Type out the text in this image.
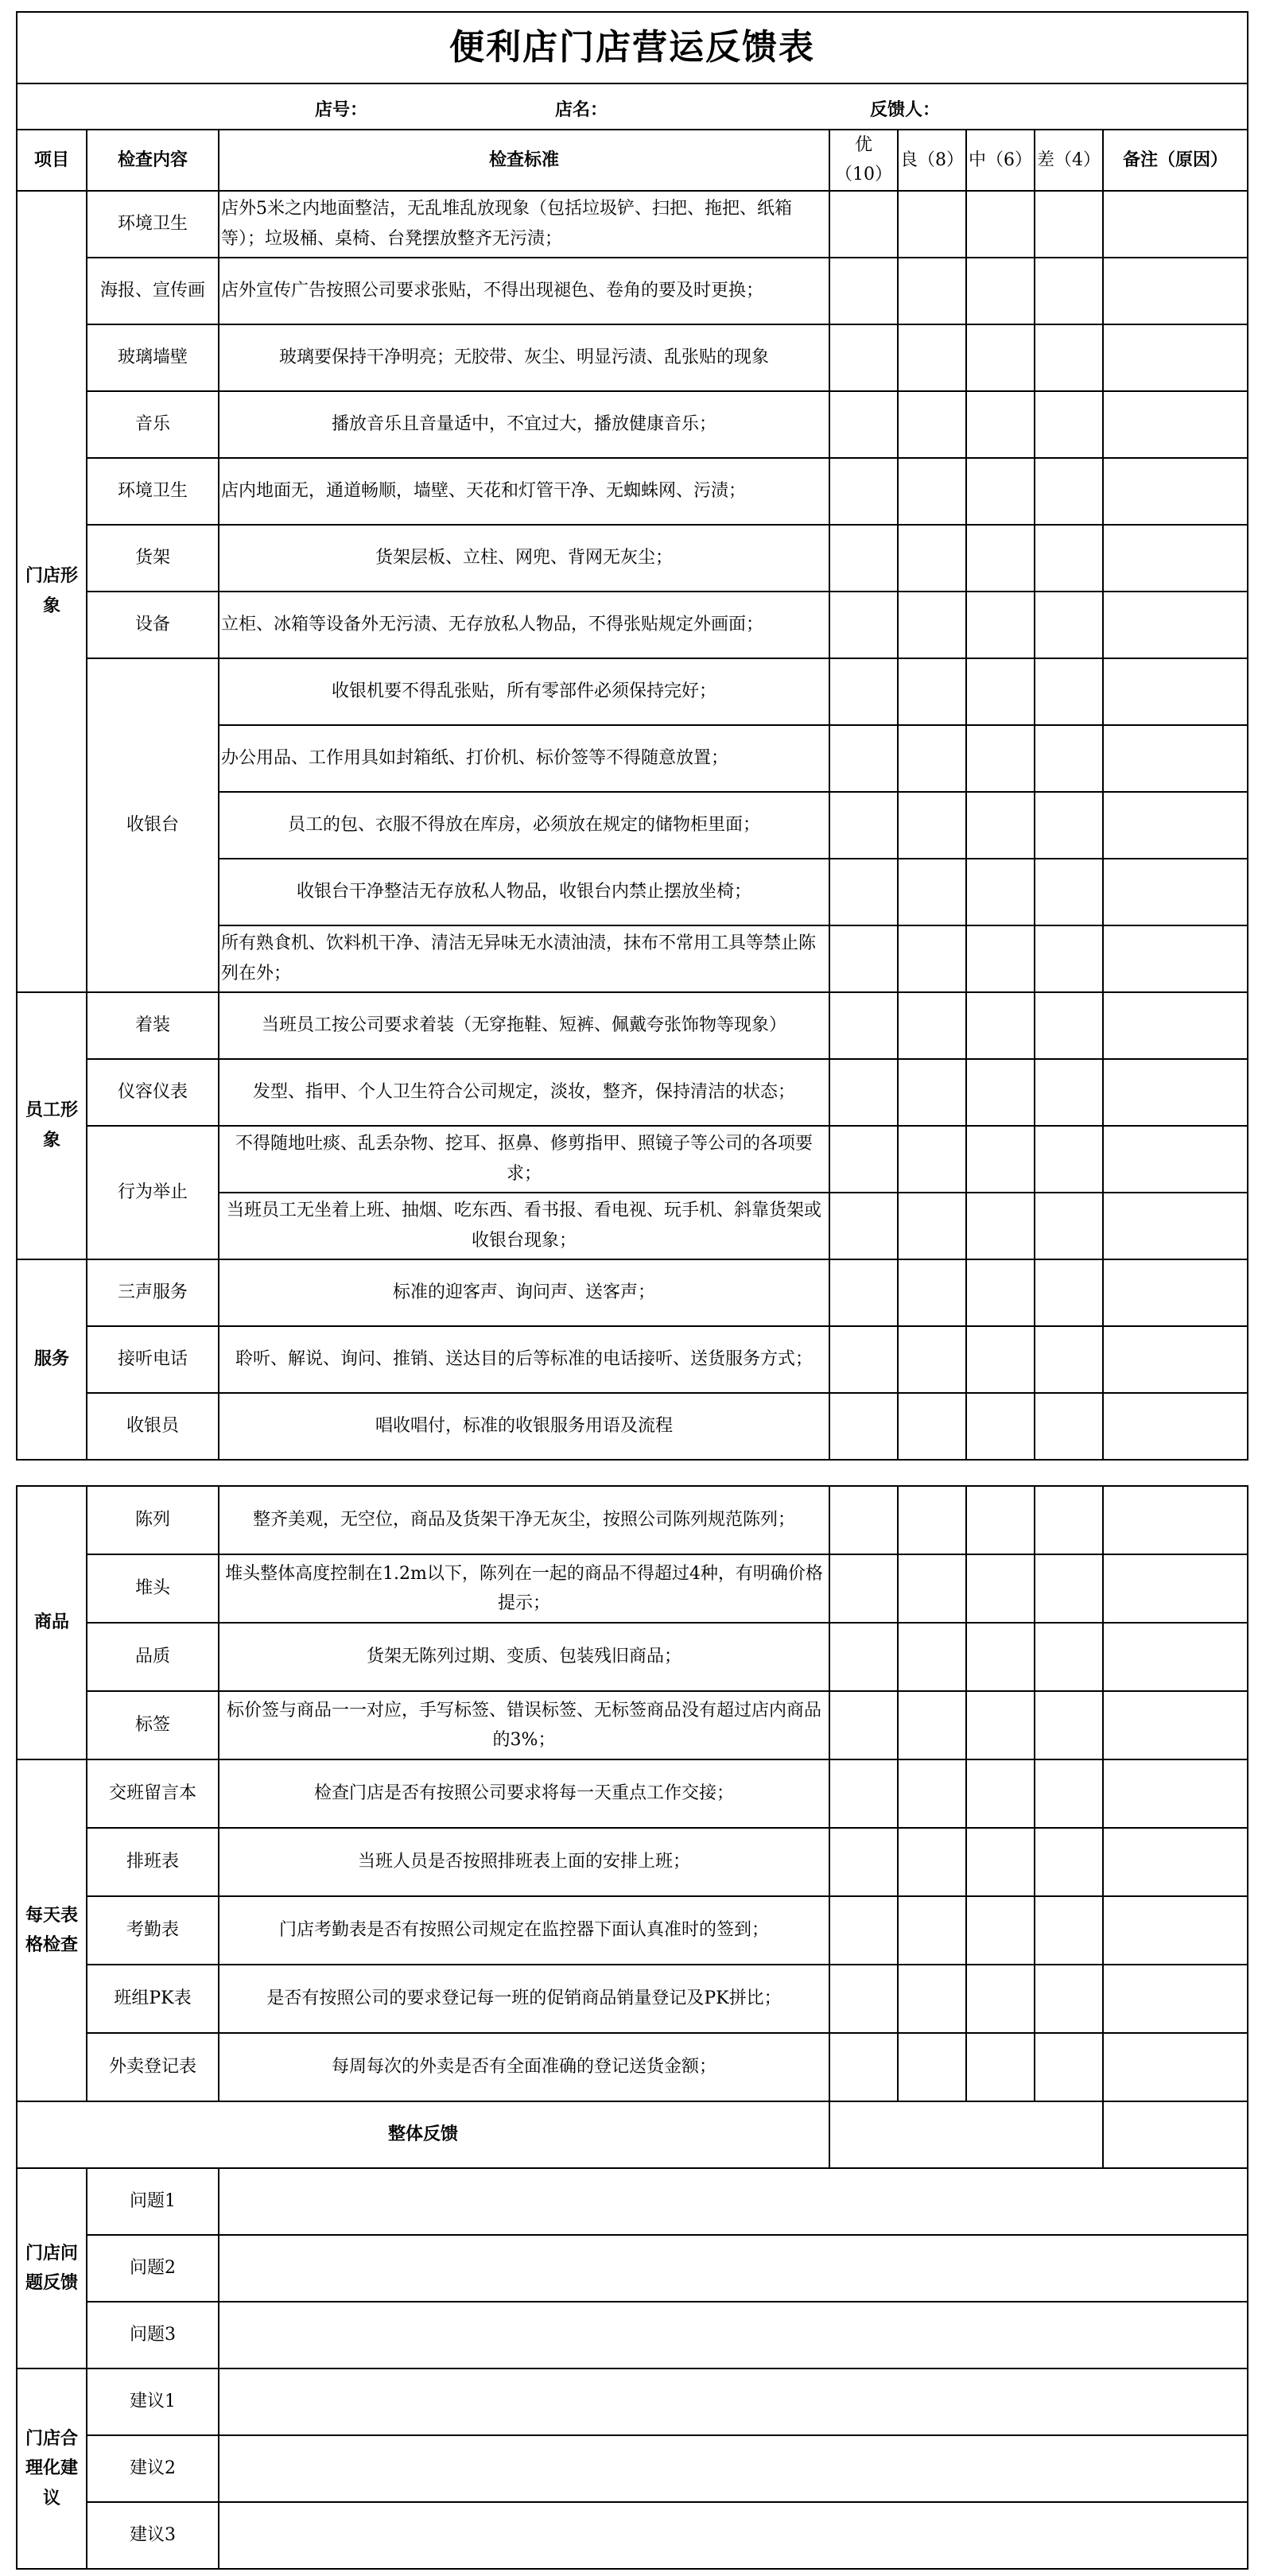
便利店门店营运反馈表							

店号： 店名： 反馈人：							

项目	检查内容	检查标准	优（10）	良（8）	中（6）	差（4）	备注（原因）
门店形象	环境卫生	店外5米之内地面整洁，无乱堆乱放现象（包括垃圾铲、扫把、拖把、纸箱等）；垃圾桶、桌椅、台凳摆放整齐无污渍；					
	海报、宣传画	店外宣传广告按照公司要求张贴，不得出现褪色、卷角的要及时更换；					
	玻璃墙壁	玻璃要保持干净明亮；无胶带、灰尘、明显污渍、乱张贴的现象					
	音乐	播放音乐且音量适中，不宜过大，播放健康音乐；					
	环境卫生	店内地面无，通道畅顺，墙壁、天花和灯管干净、无蜘蛛网、污渍；					
	货架	货架层板、立柱、网兜、背网无灰尘；					
	设备	立柜、冰箱等设备外无污渍、无存放私人物品，不得张贴规定外画面；					
	收银台	收银机要不得乱张贴，所有零部件必须保持完好；					
		办公用品、工作用具如封箱纸、打价机、标价签等不得随意放置；					
		员工的包、衣服不得放在库房，必须放在规定的储物柜里面；					
		收银台干净整洁无存放私人物品，收银台内禁止摆放坐椅；					
		所有熟食机、饮料机干净、清洁无异味无水渍油渍，抹布不常用工具等禁止陈列在外；					
员工形象	着装	当班员工按公司要求着装（无穿拖鞋、短裤、佩戴夸张饰物等现象）					
	仪容仪表	发型、指甲、个人卫生符合公司规定，淡妆，整齐，保持清洁的状态；					
	行为举止	不得随地吐痰、乱丢杂物、挖耳、抠鼻、修剪指甲、照镜子等公司的各项要求；					
		当班员工无坐着上班、抽烟、吃东西、看书报、看电视、玩手机、斜靠货架或收银台现象；					
服务	三声服务	标准的迎客声、询问声、送客声；					
	接听电话	聆听、解说、询问、推销、送达目的后等标准的电话接听、送货服务方式；					
	收银员	唱收唱付，标准的收银服务用语及流程					
商品	陈列	整齐美观，无空位，商品及货架干净无灰尘，按照公司陈列规范陈列；					
	堆头	堆头整体高度控制在1.2m以下，陈列在一起的商品不得超过4种，有明确价格提示；					
	品质	货架无陈列过期、变质、包装残旧商品；					
	标签	标价签与商品一一对应，手写标签、错误标签、无标签商品没有超过店内商品的3%；					
每天表格检查	交班留言本	检查门店是否有按照公司要求将每一天重点工作交接；					
	排班表	当班人员是否按照排班表上面的安排上班；					
	考勤表	门店考勤表是否有按照公司规定在监控器下面认真准时的签到；					
	班组PK表	是否有按照公司的要求登记每一班的促销商品销量登记及PK拼比；					
	外卖登记表	每周每次的外卖是否有全面准确的登记送货金额；					
整体反馈							
门店问题反馈	问题1						
	问题2						
	问题3						
门店合理化建议	建议1						
	建议2						
	建议3						
